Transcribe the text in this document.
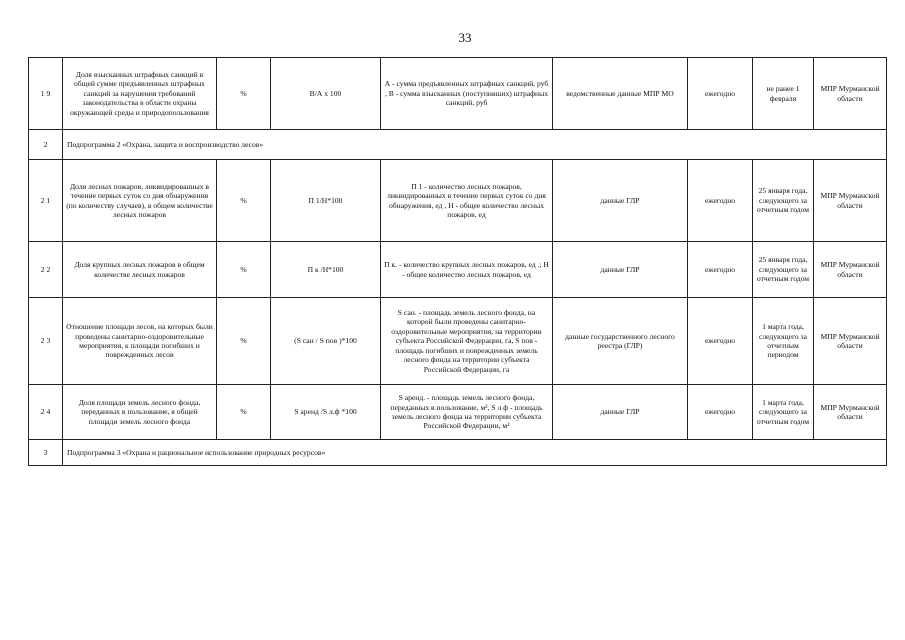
33
1 9	Доля взысканных штрафных санкций в общей сумме предъявленных штрафных санкций за нарушения требований законодательства в области охраны окружающей среды и природопользования	%	В/А х 100	А - сумма предъявленных штрафных санкций, руб , В - сумма взысканных (поступивших) штрафных санкций, руб	ведомственные данные МПР МО	ежегодно	не ранее 1 февраля	МПР Мурманской области
2	Подпрограмма 2 «Охрана, защита и воспроизводство лесов»							
2 1	Доля лесных пожаров, ликвидированных в течение первых суток со дня обнаружения (по количеству случаев), в общем количестве лесных пожаров	%	П 1/Н*100	П 1 - количество лесных пожаров, ликвидированных в течение первых суток со дня обнаружения, ед , Н - общее количество лесных пожаров, ед	данные ГЛР	ежегодно	25 января года, следующего за отчетным годом	МПР Мурманской области
2 2	Доля крупных лесных пожаров в общем количестве лесных пожаров	%	П к /Н*100	П к. - количество крупных лесных пожаров, ед .; Н - общее количество лесных пожаров, ед	данные ГЛР	ежегодно	25 января года, следующего за отчетным годом	МПР Мурманской области
2 3	Отношение площади лесов, на которых были проведены санитарно-оздоровительные мероприятия, к площади погибших и поврежденных лесов	%	(S сан / S пов )*100	S сан. - площадь земель лесного фонда, на которой были проведены санитарно-оздоровительные мероприятия, на территории субъекта Российской Федерации, га, S пов - площадь погибших и поврежденных земель лесного фонда на территории субъекта Российской Федерации, га	данные государственного лесного реестра (ГЛР)	ежегодно	1 марта года, следующего за отчетным периодом	МПР Мурманской области
2 4	Доля площади земель лесного фонда, переданных в пользование, в общей площади земель лесного фонда	%	S аренд /S л.ф *100	S аренд. - площадь земель лесного фонда, переданных в пользование, м², S л ф - площадь земель лесного фонда на территории субъекта Российской Федерации, м²	данные ГЛР	ежегодно	1 марта года, следующего за отчетным годом	МПР Мурманской области
3	Подпрограмма 3 «Охрана и рациональное использование природных ресурсов»							
